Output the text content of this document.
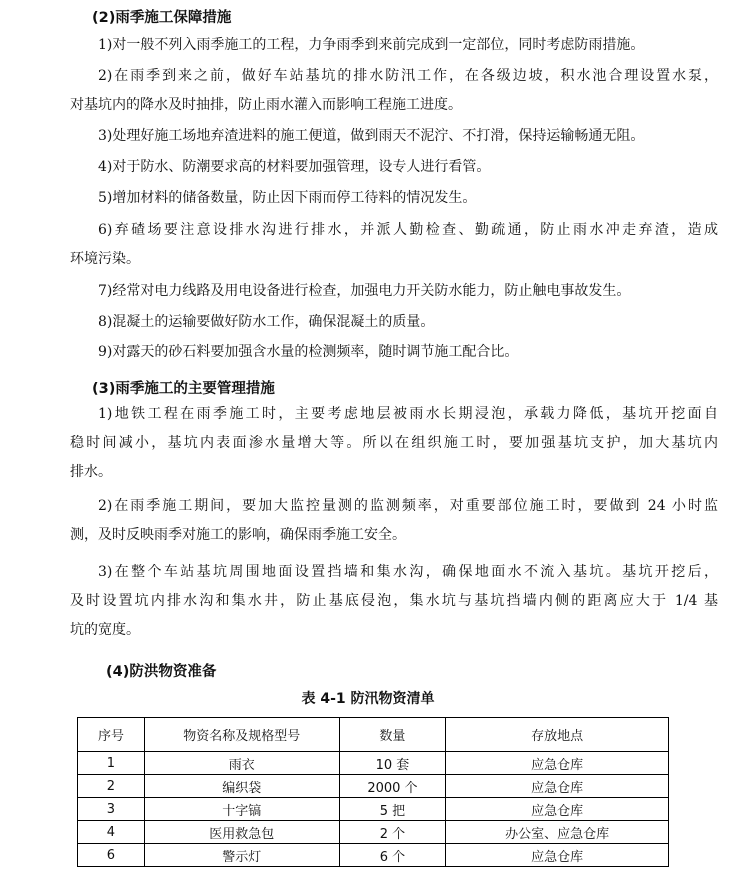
(2)雨季施工保障措施
1)对一般不列入雨季施工的工程，力争雨季到来前完成到一定部位，同时考虑防雨措施。
2)在雨季到来之前，做好车站基坑的排水防汛工作，在各级边坡，积水池合理设置水泵，
对基坑内的降水及时抽排，防止雨水灌入而影响工程施工进度。
3)处理好施工场地弃渣进料的施工便道，做到雨天不泥泞、不打滑，保持运输畅通无阻。
4)对于防水、防潮要求高的材料要加强管理，设专人进行看管。
5)增加材料的储备数量，防止因下雨而停工待料的情况发生。
6)弃碴场要注意设排水沟进行排水，并派人勤检查、勤疏通，防止雨水冲走弃渣，造成
环境污染。
7)经常对电力线路及用电设备进行检查，加强电力开关防水能力，防止触电事故发生。
8)混凝土的运输要做好防水工作，确保混凝土的质量。
9)对露天的砂石料要加强含水量的检测频率，随时调节施工配合比。
(3)雨季施工的主要管理措施
1)地铁工程在雨季施工时，主要考虑地层被雨水长期浸泡，承载力降低，基坑开挖面自
稳时间减小，基坑内表面渗水量增大等。所以在组织施工时，要加强基坑支护，加大基坑内
排水。
2)在雨季施工期间，要加大监控量测的监测频率，对重要部位施工时，要做到 24 小时监
测，及时反映雨季对施工的影响，确保雨季施工安全。
3)在整个车站基坑周围地面设置挡墙和集水沟，确保地面水不流入基坑。基坑开挖后，
及时设置坑内排水沟和集水井，防止基底侵泡，集水坑与基坑挡墙内侧的距离应大于 1/4 基
坑的宽度。
(4)防洪物资准备
表 4-1 防汛物资清单
序号	物资名称及规格型号	数量	存放地点
1	雨衣	10 套	应急仓库
2	编织袋	2000 个	应急仓库
3	十字镐	5 把	应急仓库
4	医用救急包	2 个	办公室、应急仓库
6	警示灯	6 个	应急仓库
